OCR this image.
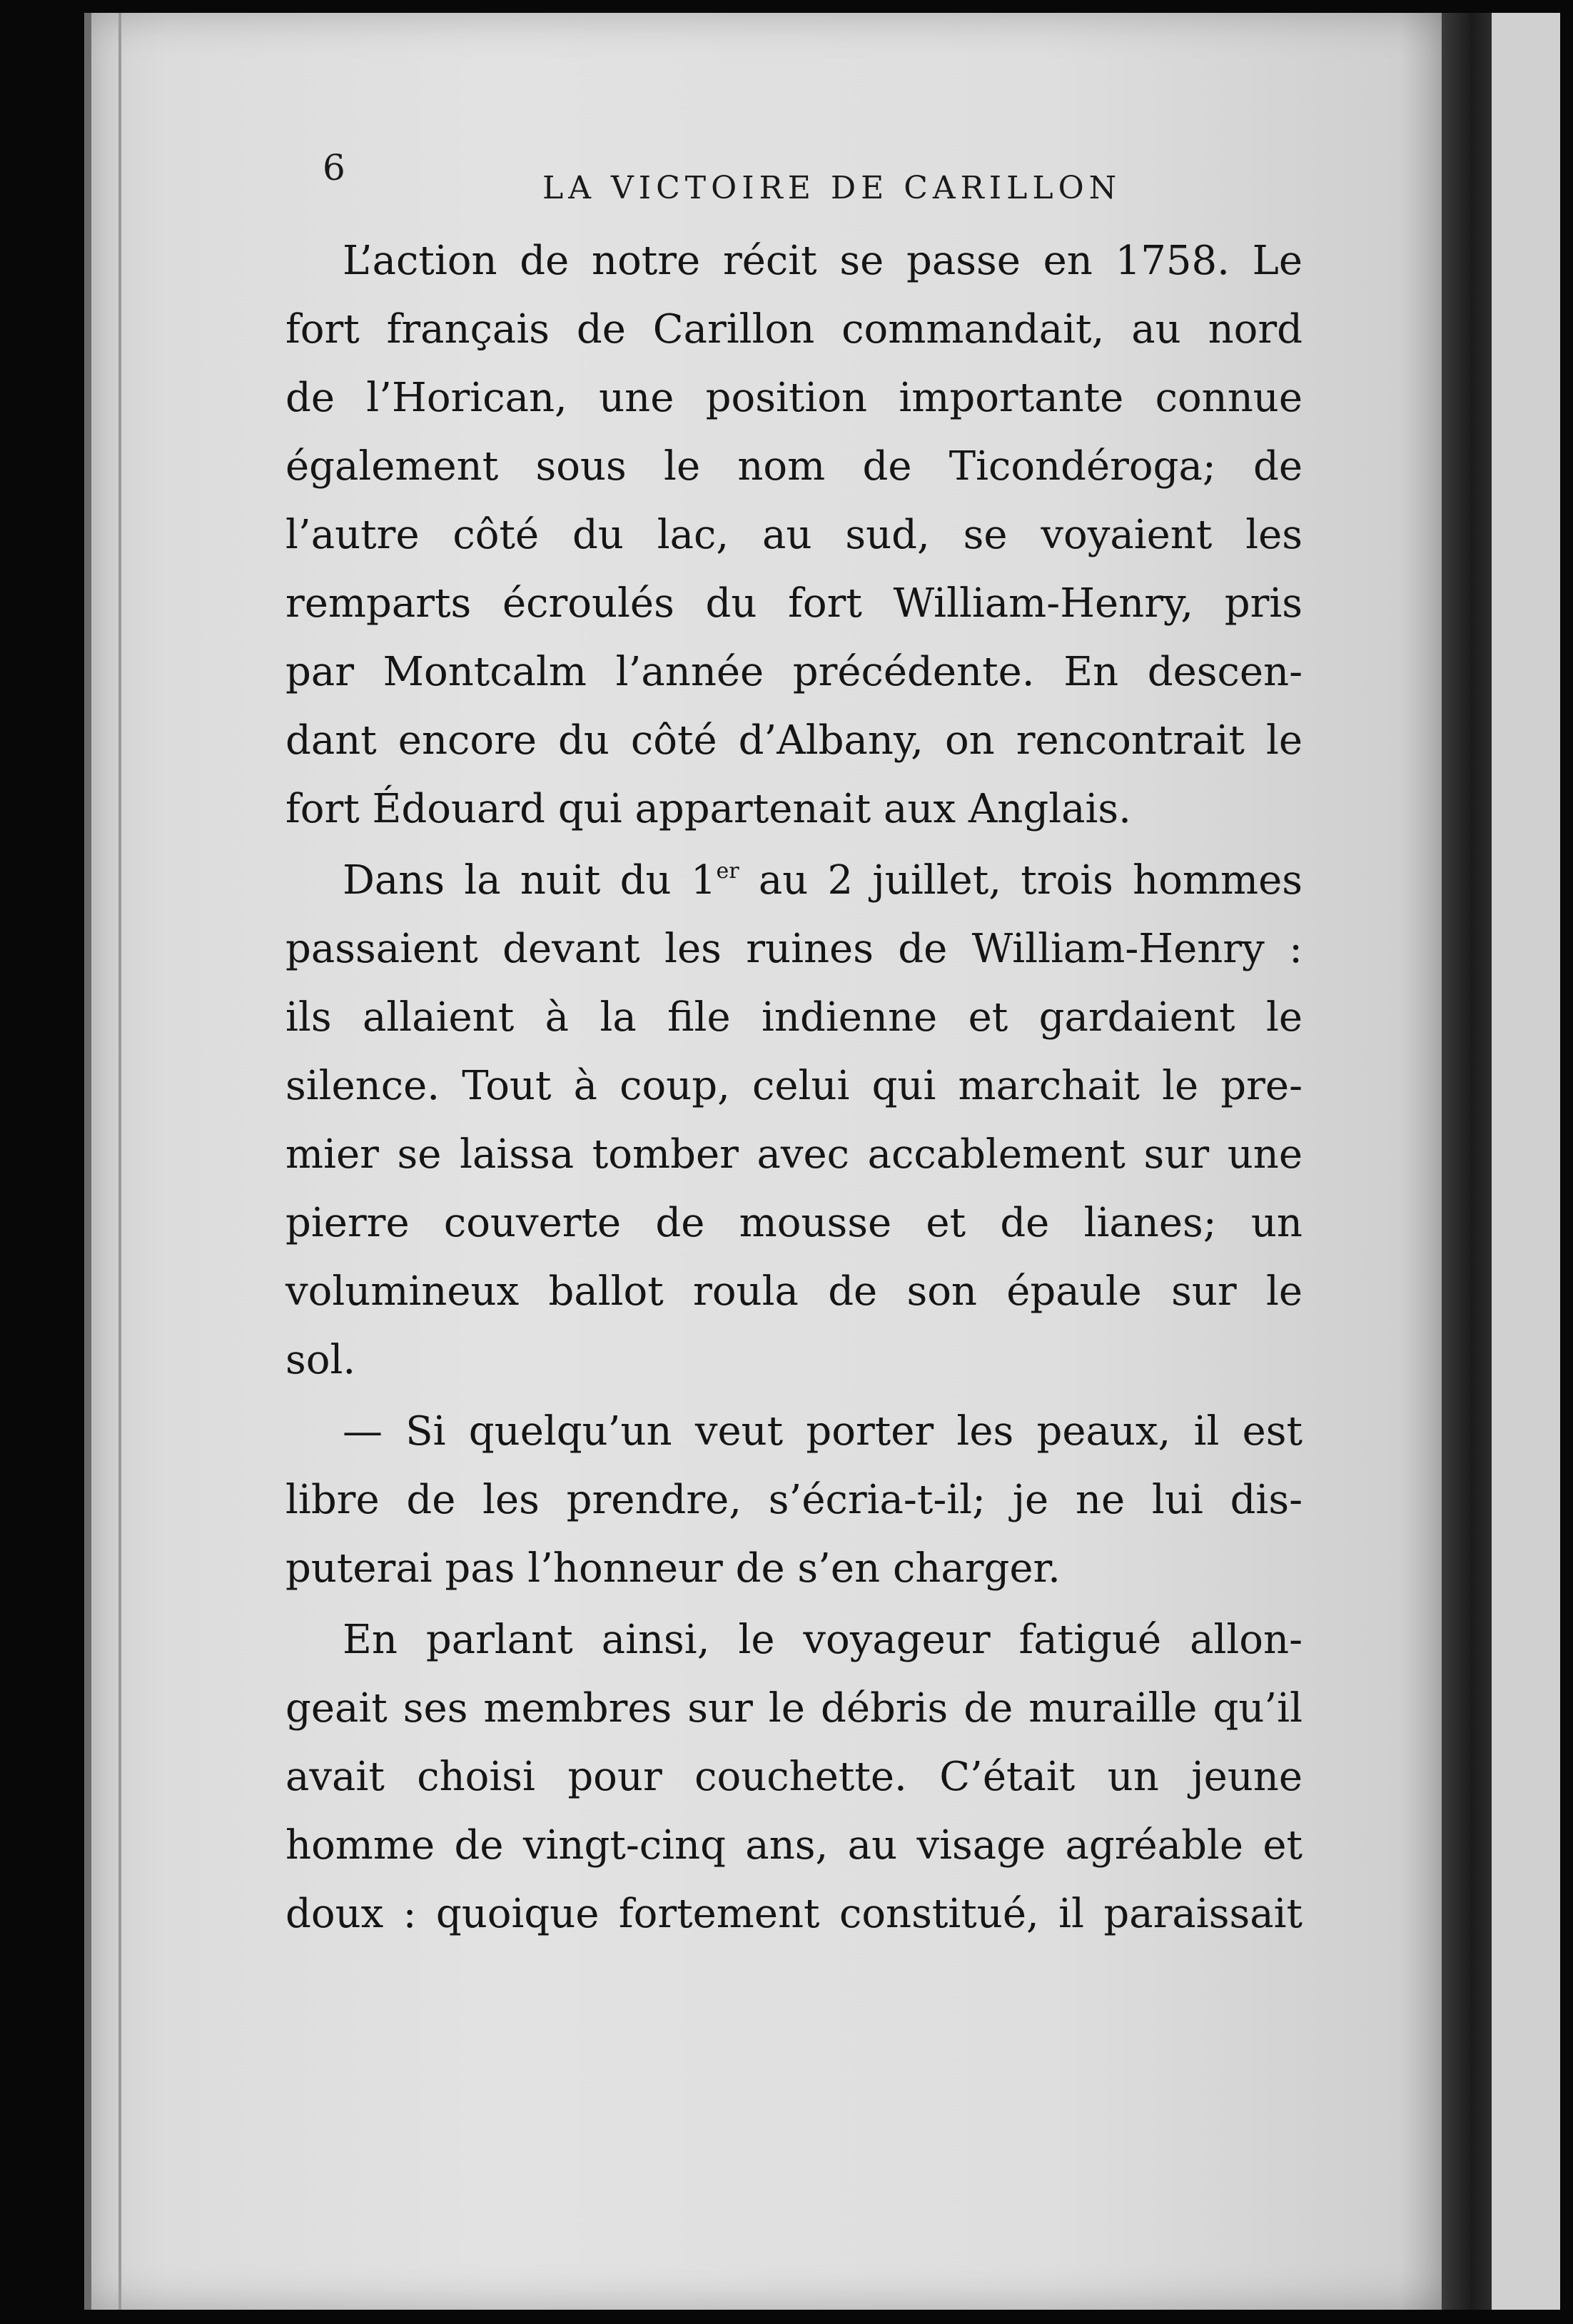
6	LA VICTOIRE DE CARILLON
L’action de notre récit se passe en 1758. Le
fort français de Carillon commandait, au nord
de l’Horican, une position importante connue
également sous le nom de Ticondéroga; de
l’autre côté du lac, au sud, se voyaient les
remparts écroulés du fort William-Henry, pris
par Montcalm l’année précédente. En descen-
dant encore du côté d’Albany, on rencontrait le
fort Édouard qui appartenait aux Anglais.
Dans la nuit du 1er au 2 juillet, trois hommes
passaient devant les ruines de William-Henry :
ils allaient à la file indienne et gardaient le
silence. Tout à coup, celui qui marchait le pre-
mier se laissa tomber avec accablement sur une
pierre couverte de mousse et de lianes; un
volumineux ballot roula de son épaule sur le
sol.
— Si quelqu’un veut porter les peaux, il est
libre de les prendre, s’écria-t-il; je ne lui dis-
puterai pas l’honneur de s’en charger.
En parlant ainsi, le voyageur fatigué allon-
geait ses membres sur le débris de muraille qu’il
avait choisi pour couchette. C’était un jeune
homme de vingt-cinq ans, au visage agréable et
doux : quoique fortement constitué, il paraissait
